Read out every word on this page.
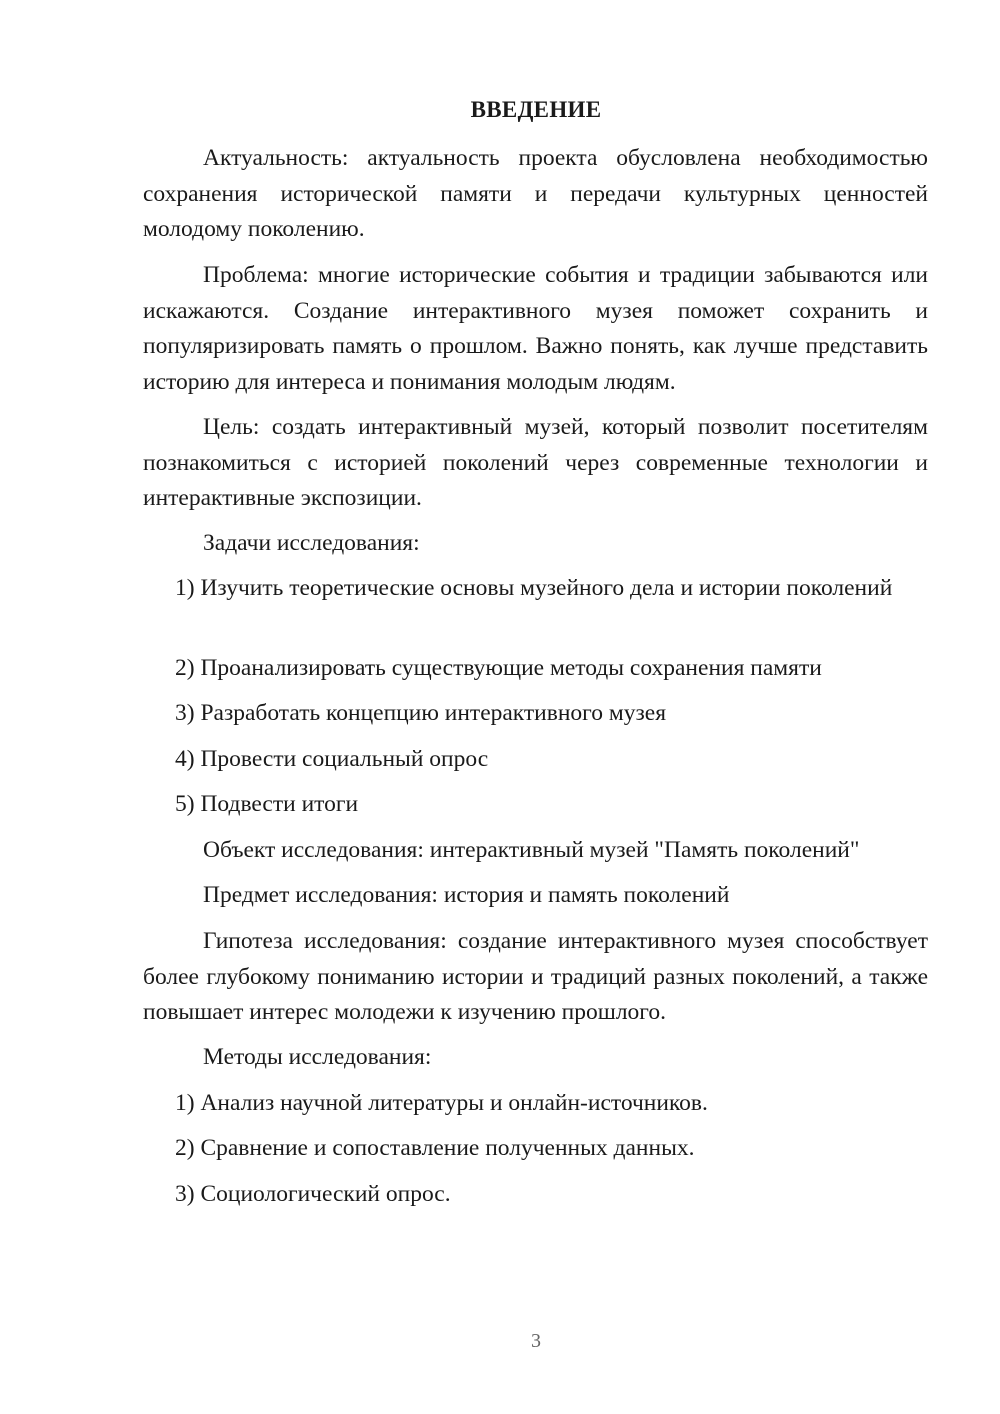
ВВЕДЕНИЕ

Актуальность: актуальность проекта обусловлена необходимостью сохранения исторической памяти и передачи культурных ценностей молодому поколению.

Проблема: многие исторические события и традиции забываются или искажаются. Создание интерактивного музея поможет сохранить и популяризировать память о прошлом. Важно понять, как лучше представить историю для интереса и понимания молодым людям.

Цель: создать интерактивный музей, который позволит посетителям познакомиться с историей поколений через современные технологии и интерактивные экспозиции.

Задачи исследования:

1) Изучить теоретические основы музейного дела и истории поколений

2) Проанализировать существующие методы сохранения памяти
3) Разработать концепцию интерактивного музея
4) Провести социальный опрос
5) Подвести итоги
Объект исследования: интерактивный музей "Память поколений"
Предмет исследования: история и память поколений

Гипотеза исследования: создание интерактивного музея способствует более глубокому пониманию истории и традиций разных поколений, а также повышает интерес молодежи к изучению прошлого.

Методы исследования:
1) Анализ научной литературы и онлайн-источников.
2) Сравнение и сопоставление полученных данных.
3) Социологический опрос.
3
